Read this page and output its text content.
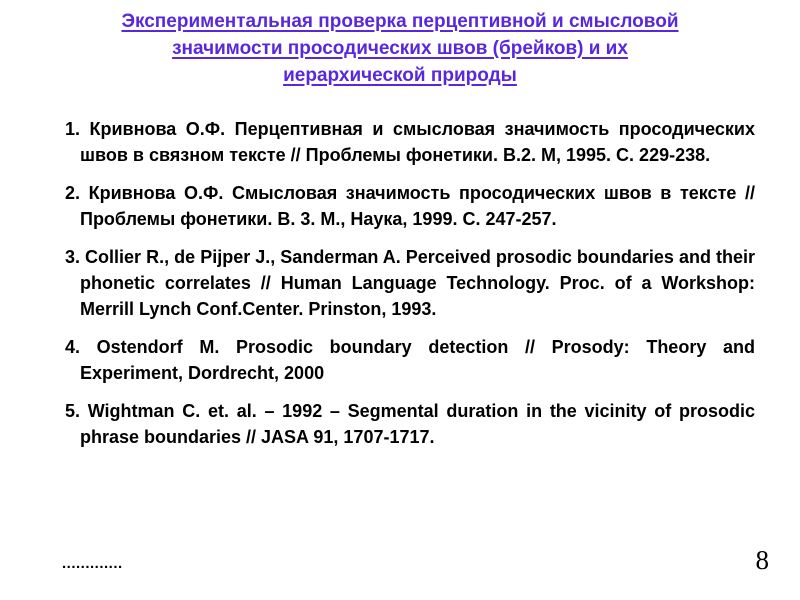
Экспериментальная проверка перцептивной и смысловой
значимости просодических швов (брейков) и их
иерархической природы

1. Кривнова О.Ф. Перцептивная и смысловая значимость просодических швов в связном тексте // Проблемы фонетики. В.2. М, 1995. С. 229-238.

2. Кривнова О.Ф. Смысловая значимость просодических швов в тексте // Проблемы фонетики. В. 3. М., Наука, 1999. С. 247-257.

3. Collier R., de Pijper J., Sanderman A. Perceived prosodic boundaries and their phonetic correlates // Human Language Technology. Proc. of a Workshop: Merrill Lynch Conf.Center. Prinston, 1993.

4. Ostendorf M. Prosodic boundary detection // Prosody: Theory and Experiment, Dordrecht, 2000

5. Wightman C. et. al. – 1992 – Segmental duration in the vicinity of prosodic phrase boundaries // JASA 91, 1707-1717.

.............	8
